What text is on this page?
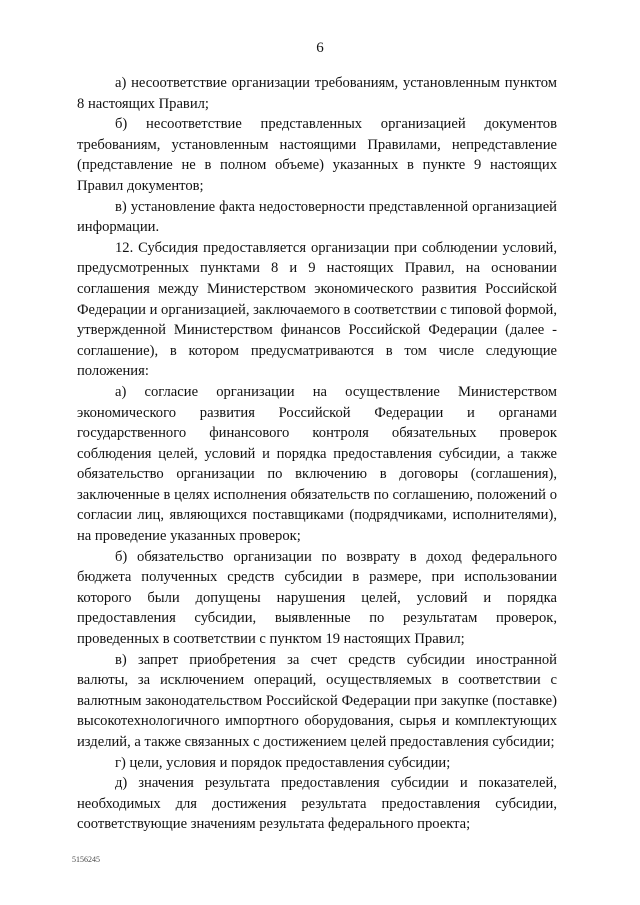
6

а) несоответствие организации требованиям, установленным пунктом 8 настоящих Правил;

б) несоответствие представленных организацией документов требованиям, установленным настоящими Правилами, непредставление (представление не в полном объеме) указанных в пункте 9 настоящих Правил документов;

в) установление факта недостоверности представленной организацией информации.

12. Субсидия предоставляется организации при соблюдении условий, предусмотренных пунктами 8 и 9 настоящих Правил, на основании соглашения между Министерством экономического развития Российской Федерации и организацией, заключаемого в соответствии с типовой формой, утвержденной Министерством финансов Российской Федерации (далее - соглашение), в котором предусматриваются в том числе следующие положения:

а) согласие организации на осуществление Министерством экономического развития Российской Федерации и органами государственного финансового контроля обязательных проверок соблюдения целей, условий и порядка предоставления субсидии, а также обязательство организации по включению в договоры (соглашения), заключенные в целях исполнения обязательств по соглашению, положений о согласии лиц, являющихся поставщиками (подрядчиками, исполнителями), на проведение указанных проверок;

б) обязательство организации по возврату в доход федерального бюджета полученных средств субсидии в размере, при использовании которого были допущены нарушения целей, условий и порядка предоставления субсидии, выявленные по результатам проверок, проведенных в соответствии с пунктом 19 настоящих Правил;

в) запрет приобретения за счет средств субсидии иностранной валюты, за исключением операций, осуществляемых в соответствии с валютным законодательством Российской Федерации при закупке (поставке) высокотехнологичного импортного оборудования, сырья и комплектующих изделий, а также связанных с достижением целей предоставления субсидии;

г) цели, условия и порядок предоставления субсидии;

д) значения результата предоставления субсидии и показателей, необходимых для достижения результата предоставления субсидии, соответствующие значениям результата федерального проекта;

5156245
